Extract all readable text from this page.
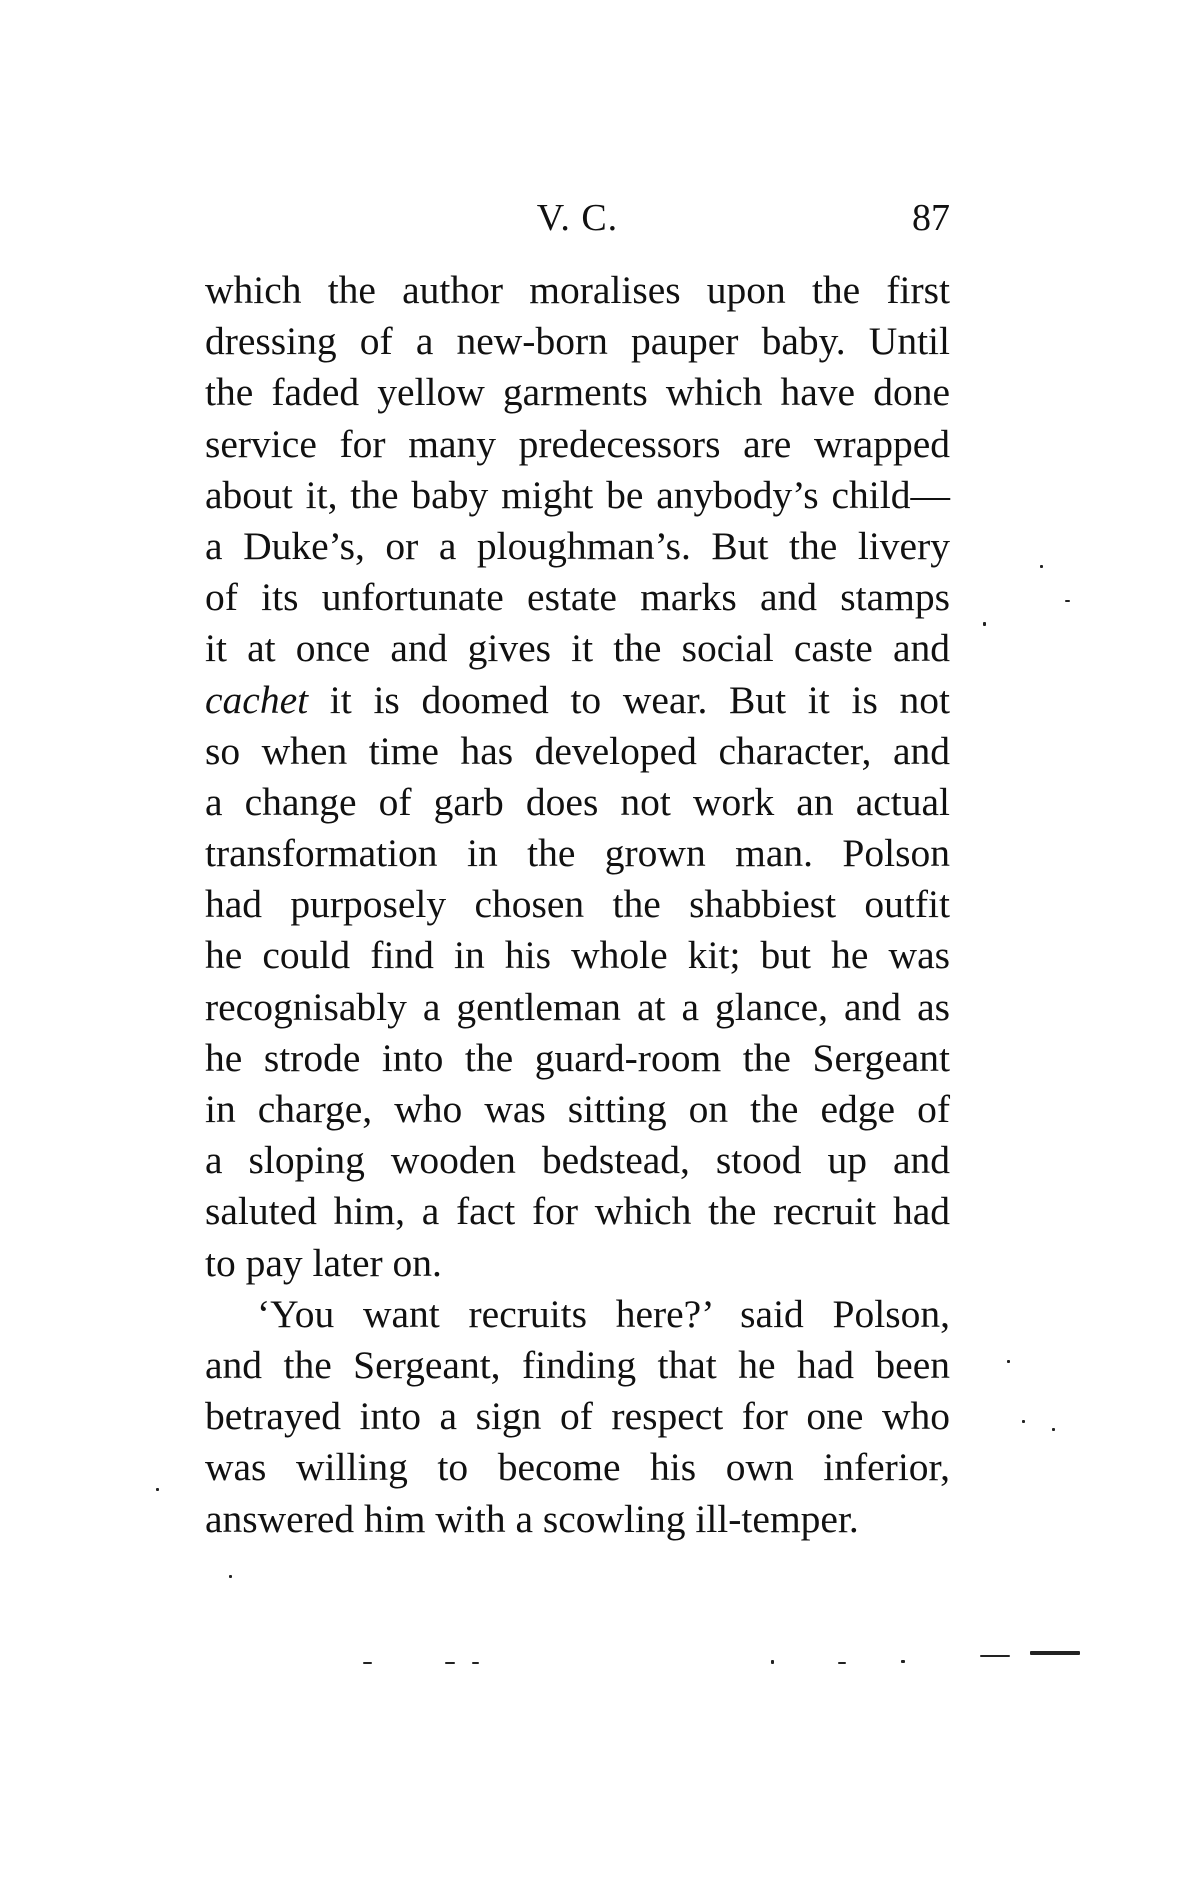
V. C.	87
which the author moralises upon the first
dressing of a new-born pauper baby. Until
the faded yellow garments which have done
service for many predecessors are wrapped
about it, the baby might be anybody’s child—
a Duke’s, or a ploughman’s. But the livery
of its unfortunate estate marks and stamps
it at once and gives it the social caste and
cachet it is doomed to wear. But it is not
so when time has developed character, and
a change of garb does not work an actual
transformation in the grown man. Polson
had purposely chosen the shabbiest outfit
he could find in his whole kit; but he was
recognisably a gentleman at a glance, and as
he strode into the guard-room the Sergeant
in charge, who was sitting on the edge of
a sloping wooden bedstead, stood up and
saluted him, a fact for which the recruit had
to pay later on.
‘You want recruits here?’ said Polson,
and the Sergeant, finding that he had been
betrayed into a sign of respect for one who
was willing to become his own inferior,
answered him with a scowling ill-temper.
